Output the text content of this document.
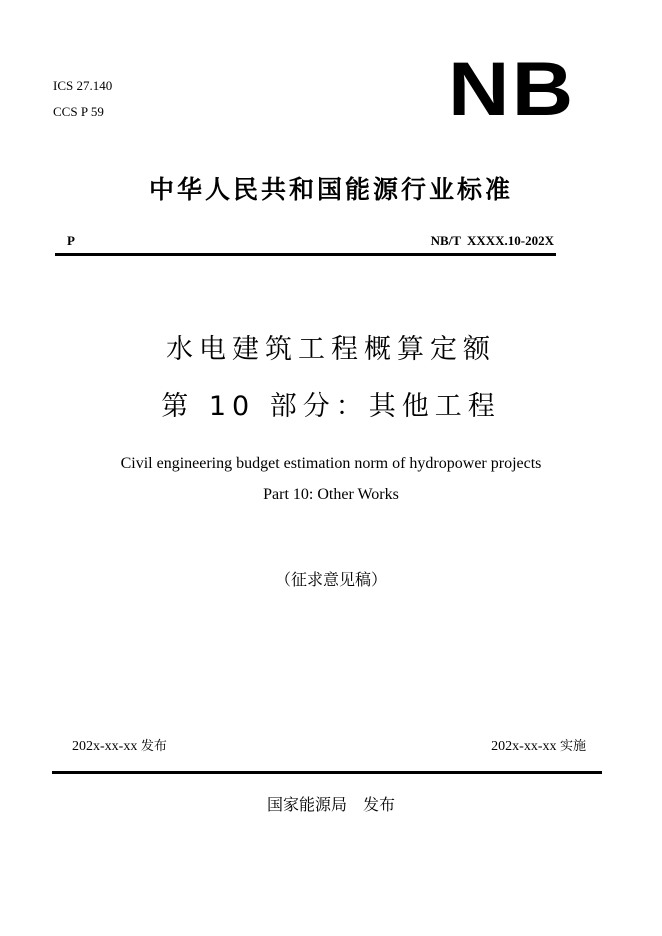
ICS 27.140
CCS P 59	NB
中华人民共和国能源行业标准
P	NB/T XXXX.10-202X
水电建筑工程概算定额
第 10 部分：其他工程
Civil engineering budget estimation norm of hydropower projects
Part 10: Other Works
（征求意见稿）
202x-xx-xx 发布	202x-xx-xx 实施
国家能源局　发布
